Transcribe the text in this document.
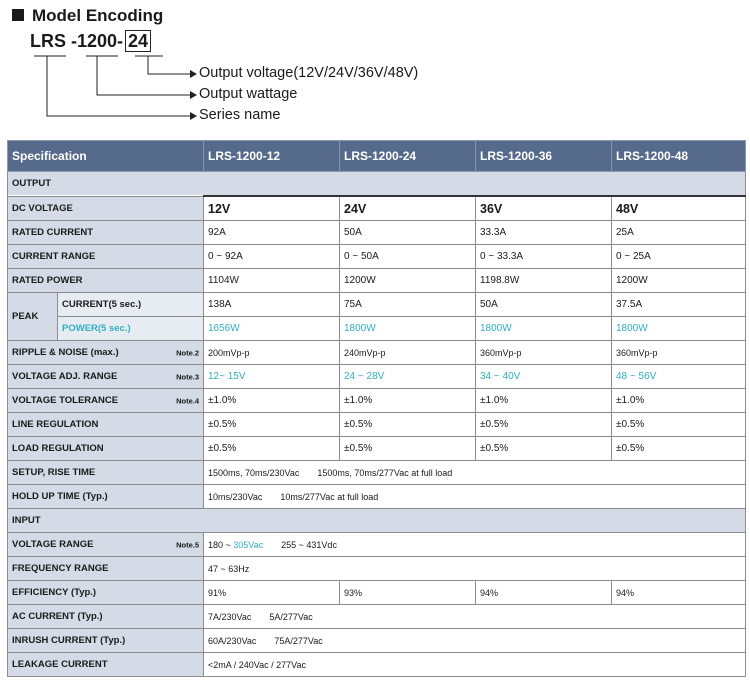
Model Encoding
LRS -1200- 24
Output voltage(12V/24V/36V/48V)
Output wattage
Series name
Specification		LRS-1200-12	LRS-1200-24	LRS-1200-36	LRS-1200-48
OUTPUT					
DC VOLTAGE		12V	24V	36V	48V
RATED CURRENT		92A	50A	33.3A	25A
CURRENT RANGE		0 ~ 92A	0 ~ 50A	0 ~ 33.3A	0 ~ 25A
RATED POWER		1104W	1200W	1198.8W	1200W
PEAK	CURRENT(5 sec.)	138A	75A	50A	37.5A
	POWER(5 sec.)	1656W	1800W	1800W	1800W
RIPPLE & NOISE (max.) Note.2		200mVp-p	240mVp-p	360mVp-p	360mVp-p
VOLTAGE ADJ. RANGE Note.3		12~ 15V	24 ~ 28V	34 ~ 40V	48 ~ 56V
VOLTAGE TOLERANCE Note.4		±1.0%	±1.0%	±1.0%	±1.0%
LINE REGULATION		±0.5%	±0.5%	±0.5%	±0.5%
LOAD REGULATION		±0.5%	±0.5%	±0.5%	±0.5%
SETUP, RISE TIME		1500ms, 70ms/230Vac 1500ms, 70ms/277Vac at full load			
HOLD UP TIME (Typ.)		10ms/230Vac 10ms/277Vac at full load			
INPUT					
VOLTAGE RANGE Note.5		180 ~ 305Vac 255 ~ 431Vdc			
FREQUENCY RANGE		47 ~ 63Hz			
EFFICIENCY (Typ.)		91%	93%	94%	94%
AC CURRENT (Typ.)		7A/230Vac 5A/277Vac			
INRUSH CURRENT (Typ.)		60A/230Vac 75A/277Vac			
LEAKAGE CURRENT		<2mA / 240Vac / 277Vac			
